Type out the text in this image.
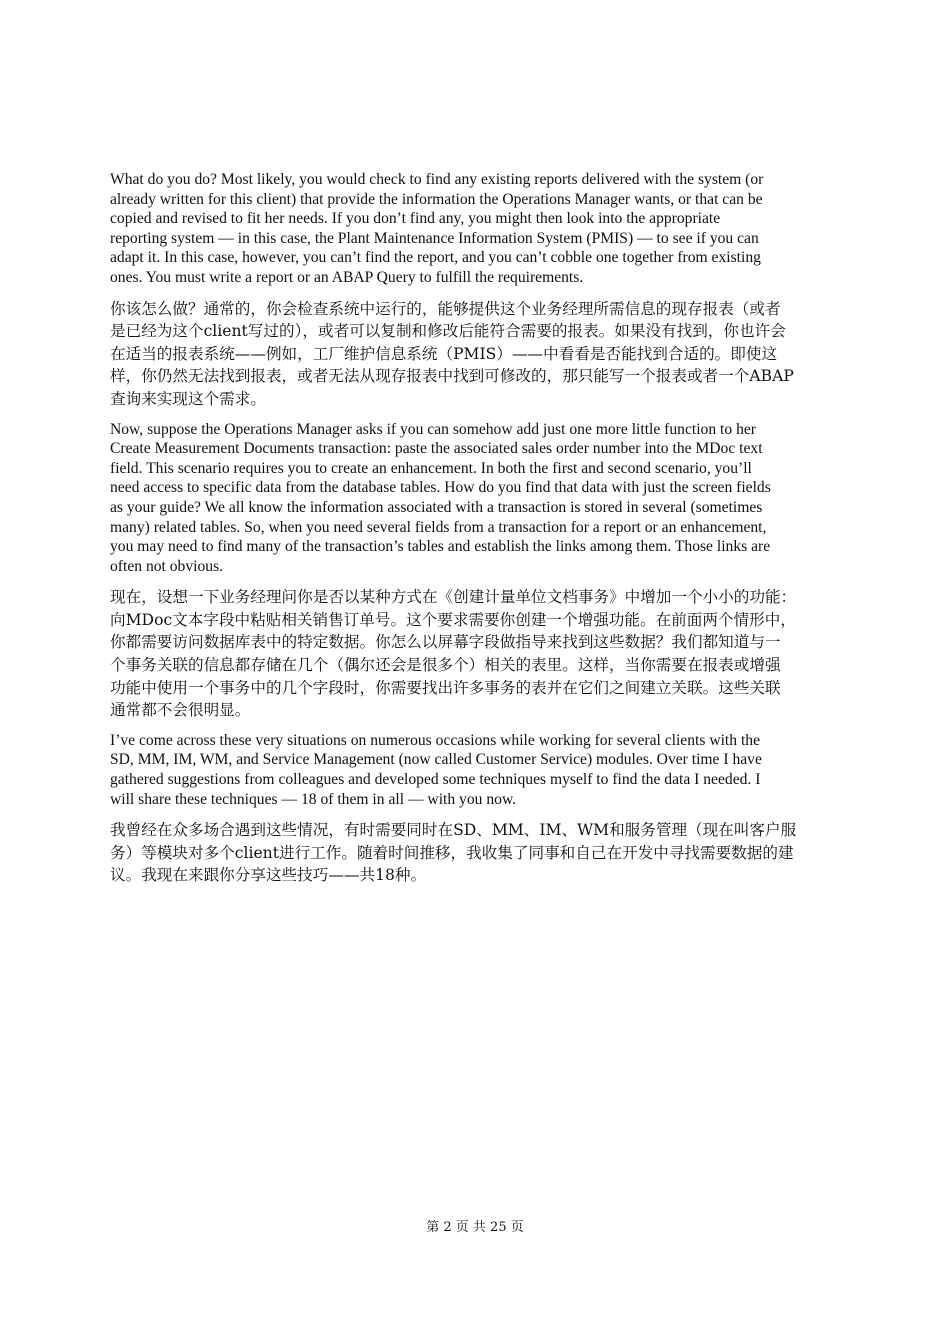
What do you do? Most likely, you would check to find any existing reports delivered with the system (or
already written for this client) that provide the information the Operations Manager wants, or that can be
copied and revised to fit her needs. If you don’t find any, you might then look into the appropriate
reporting system — in this case, the Plant Maintenance Information System (PMIS) — to see if you can
adapt it. In this case, however, you can’t find the report, and you can’t cobble one together from existing
ones. You must write a report or an ABAP Query to fulfill the requirements.

你该怎么做？通常的，你会检查系统中运行的，能够提供这个业务经理所需信息的现存报表（或者
是已经为这个client写过的），或者可以复制和修改后能符合需要的报表。如果没有找到，你也许会
在适当的报表系统——例如，工厂维护信息系统（PMIS）——中看看是否能找到合适的。即使这
样，你仍然无法找到报表，或者无法从现存报表中找到可修改的，那只能写一个报表或者一个ABAP
查询来实现这个需求。

Now, suppose the Operations Manager asks if you can somehow add just one more little function to her
Create Measurement Documents transaction: paste the associated sales order number into the MDoc text
field. This scenario requires you to create an enhancement. In both the first and second scenario, you’ll
need access to specific data from the database tables. How do you find that data with just the screen fields
as your guide? We all know the information associated with a transaction is stored in several (sometimes
many) related tables. So, when you need several fields from a transaction for a report or an enhancement,
you may need to find many of the transaction’s tables and establish the links among them. Those links are
often not obvious.

现在，设想一下业务经理问你是否以某种方式在《创建计量单位文档事务》中增加一个小小的功能：
向MDoc文本字段中粘贴相关销售订单号。这个要求需要你创建一个增强功能。在前面两个情形中，
你都需要访问数据库表中的特定数据。你怎么以屏幕字段做指导来找到这些数据？我们都知道与一
个事务关联的信息都存储在几个（偶尔还会是很多个）相关的表里。这样，当你需要在报表或增强
功能中使用一个事务中的几个字段时，你需要找出许多事务的表并在它们之间建立关联。这些关联
通常都不会很明显。

I’ve come across these very situations on numerous occasions while working for several clients with the
SD, MM, IM, WM, and Service Management (now called Customer Service) modules. Over time I have
gathered suggestions from colleagues and developed some techniques myself to find the data I needed. I
will share these techniques — 18 of them in all — with you now.

我曾经在众多场合遇到这些情况，有时需要同时在SD、MM、IM、WM和服务管理（现在叫客户服
务）等模块对多个client进行工作。随着时间推移，我收集了同事和自己在开发中寻找需要数据的建
议。我现在来跟你分享这些技巧——共18种。

第 2 页 共 25 页
